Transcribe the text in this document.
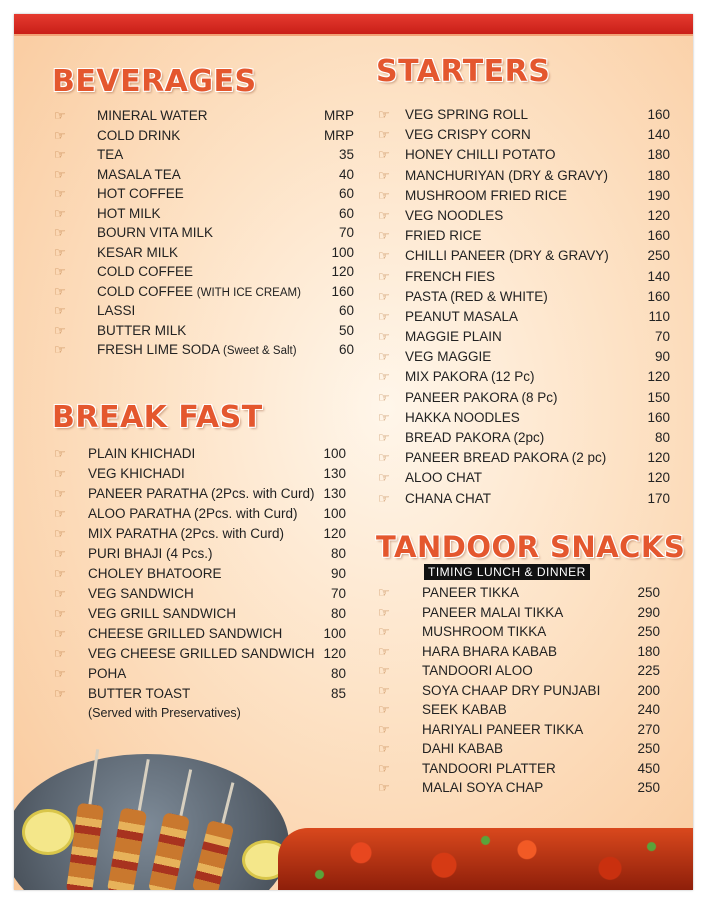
BEVERAGES
☞ MINERAL WATER	MRP
☞ COLD DRINK	MRP
☞ TEA	35
☞ MASALA TEA	40
☞ HOT COFFEE	60
☞ HOT MILK	60
☞ BOURN VITA MILK	70
☞ KESAR MILK	100
☞ COLD COFFEE	120
☞ COLD COFFEE (WITH ICE CREAM)	160
☞ LASSI	60
☞ BUTTER MILK	50
☞ FRESH LIME SODA (Sweet & Salt)	60
BREAK FAST
☞ PLAIN KHICHADI	100
☞ VEG KHICHADI	130
☞ PANEER PARATHA (2Pcs. with Curd) 130
☞ ALOO PARATHA (2Pcs. with Curd)	100
☞ MIX PARATHA (2Pcs. with Curd)	120
☞ PURI BHAJI (4 Pcs.)	80
☞ CHOLEY BHATOORE	90
☞ VEG SANDWICH	70
☞ VEG GRILL SANDWICH	80
☞ CHEESE GRILLED SANDWICH	100
☞ VEG CHEESE GRILLED SANDWICH 120
☞ POHA	80
☞ BUTTER TOAST	85
(Served with Preservatives)
STARTERS
☞ VEG SPRING ROLL	160
☞ VEG CRISPY CORN	140
☞ HONEY CHILLI POTATO	180
☞ MANCHURIYAN (DRY & GRAVY)	180
☞ MUSHROOM FRIED RICE	190
☞ VEG NOODLES	120
☞ FRIED RICE	160
☞ CHILLI PANEER (DRY & GRAVY)	250
☞ FRENCH FIES	140
☞ PASTA (RED & WHITE)	160
☞ PEANUT MASALA	110
☞ MAGGIE PLAIN	70
☞ VEG MAGGIE	90
☞ MIX PAKORA (12 Pc)	120
☞ PANEER PAKORA (8 Pc)	150
☞ HAKKA NOODLES	160
☞ BREAD PAKORA (2pc)	80
☞ PANEER BREAD PAKORA (2 pc)	120
☞ ALOO CHAT	120
☞ CHANA CHAT	170
TANDOOR SNACKS
TIMING LUNCH & DINNER
☞ PANEER TIKKA	250
☞ PANEER MALAI TIKKA	290
☞ MUSHROOM TIKKA	250
☞ HARA BHARA KABAB	180
☞ TANDOORI ALOO	225
☞ SOYA CHAAP DRY PUNJABI	200
☞ SEEK KABAB	240
☞ HARIYALI PANEER TIKKA	270
☞ DAHI KABAB	250
☞ TANDOORI PLATTER	450
☞ MALAI SOYA CHAP	250
